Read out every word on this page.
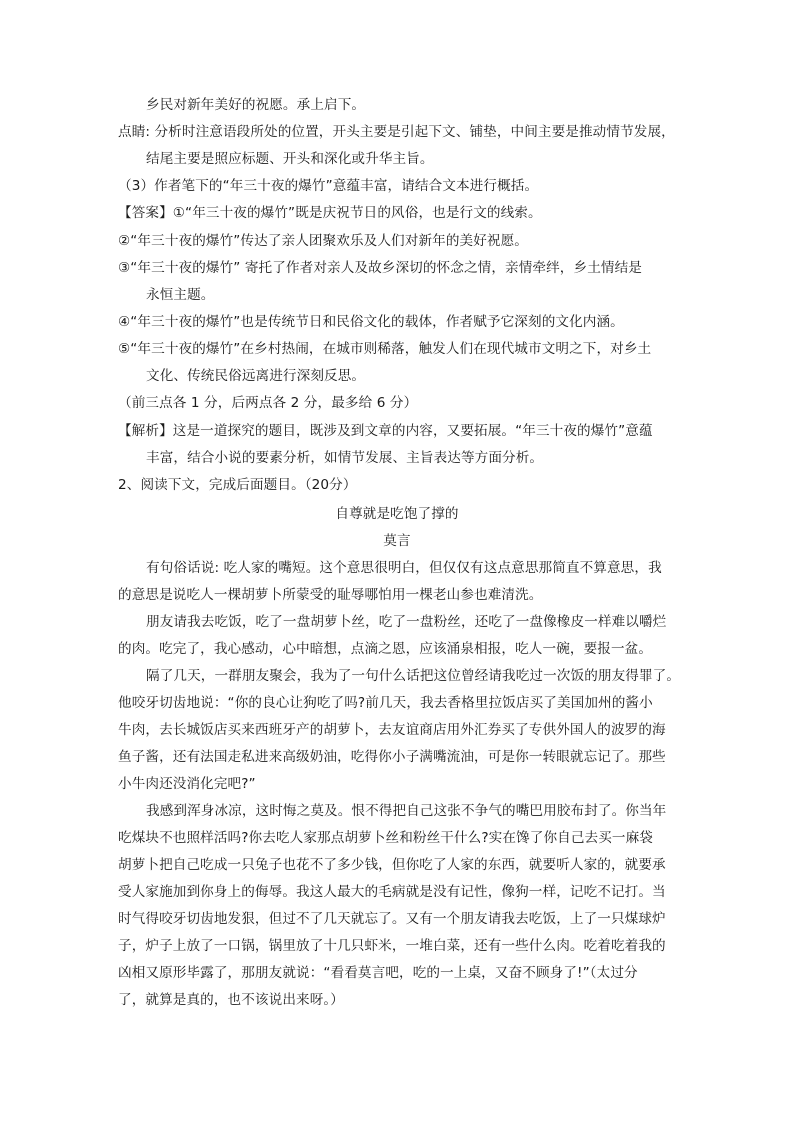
乡民对新年美好的祝愿。承上启下。
点睛: 分析时注意语段所处的位置，开头主要是引起下文、铺垫，中间主要是推动情节发展，
结尾主要是照应标题、开头和深化或升华主旨。
（3）作者笔下的“年三十夜的爆竹”意蕴丰富，请结合文本进行概括。
【答案】①“年三十夜的爆竹”既是庆祝节日的风俗，也是行文的线索。
②“年三十夜的爆竹”传达了亲人团聚欢乐及人们对新年的美好祝愿。
③“年三十夜的爆竹” 寄托了作者对亲人及故乡深切的怀念之情，亲情牵绊，乡土情结是
永恒主题。
④“年三十夜的爆竹”也是传统节日和民俗文化的载体，作者赋予它深刻的文化内涵。
⑤“年三十夜的爆竹”在乡村热闹，在城市则稀落，触发人们在现代城市文明之下，对乡土
文化、传统民俗远离进行深刻反思。
（前三点各 1 分，后两点各 2 分，最多给 6 分）
【解析】这是一道探究的题目，既涉及到文章的内容，又要拓展。“年三十夜的爆竹”意蕴
丰富，结合小说的要素分析，如情节发展、主旨表达等方面分析。
2、阅读下文，完成后面题目。（20分）
自尊就是吃饱了撑的
莫言
有句俗话说: 吃人家的嘴短。这个意思很明白，但仅仅有这点意思那简直不算意思，我
的意思是说吃人一棵胡萝卜所蒙受的耻辱哪怕用一棵老山参也难清洗。
朋友请我去吃饭，吃了一盘胡萝卜丝，吃了一盘粉丝，还吃了一盘像橡皮一样难以嚼烂
的肉。吃完了，我心感动，心中暗想，点滴之恩，应该涌泉相报，吃人一碗，要报一盆。
隔了几天，一群朋友聚会，我为了一句什么话把这位曾经请我吃过一次饭的朋友得罪了。
他咬牙切齿地说：“你的良心让狗吃了吗?前几天，我去香格里拉饭店买了美国加州的酱小
牛肉，去长城饭店买来西班牙产的胡萝卜，去友谊商店用外汇券买了专供外国人的波罗的海
鱼子酱，还有法国走私进来高级奶油，吃得你小子满嘴流油，可是你一转眼就忘记了。那些
小牛肉还没消化完吧?”
我感到浑身冰凉，这时悔之莫及。恨不得把自己这张不争气的嘴巴用胶布封了。你当年
吃煤块不也照样活吗?你去吃人家那点胡萝卜丝和粉丝干什么?实在馋了你自己去买一麻袋
胡萝卜把自己吃成一只兔子也花不了多少钱，但你吃了人家的东西，就要听人家的，就要承
受人家施加到你身上的侮辱。我这人最大的毛病就是没有记性，像狗一样，记吃不记打。当
时气得咬牙切齿地发狠，但过不了几天就忘了。又有一个朋友请我去吃饭，上了一只煤球炉
子，炉子上放了一口锅，锅里放了十几只虾米，一堆白菜，还有一些什么肉。吃着吃着我的
凶相又原形毕露了，那朋友就说：“看看莫言吧，吃的一上桌，又奋不顾身了!”（太过分
了，就算是真的，也不该说出来呀。）
